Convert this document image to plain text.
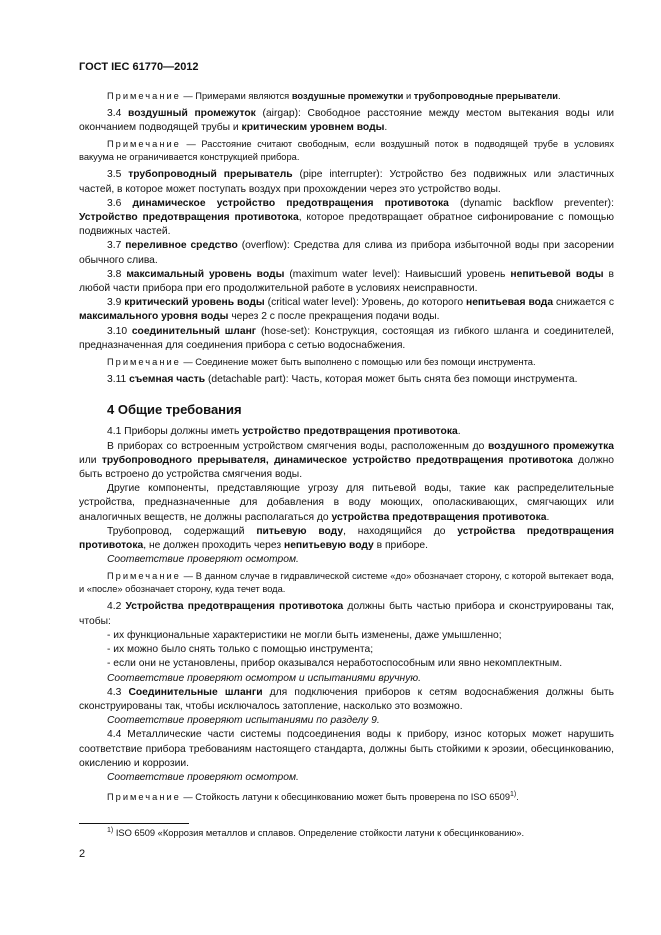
ГОСТ IEC 61770—2012

Примечание — Примерами являются воздушные промежутки и трубопроводные прерыватели.

3.4 воздушный промежуток (airgap): Свободное расстояние между местом вытекания воды или окончанием подводящей трубы и критическим уровнем воды.

Примечание — Расстояние считают свободным, если воздушный поток в подводящей трубе в условиях вакуума не ограничивается конструкцией прибора.

3.5 трубопроводный прерыватель (pipe interrupter): Устройство без подвижных или эластичных частей, в которое может поступать воздух при прохождении через это устройство воды.

3.6 динамическое устройство предотвращения противотока (dynamic backflow preventer): Устройство предотвращения противотока, которое предотвращает обратное сифонирование с помощью подвижных частей.

3.7 переливное средство (overflow): Средства для слива из прибора избыточной воды при засорении обычного слива.

3.8 максимальный уровень воды (maximum water level): Наивысший уровень непитьевой воды в любой части прибора при его продолжительной работе в условиях неисправности.

3.9 критический уровень воды (critical water level): Уровень, до которого непитьевая вода снижается с максимального уровня воды через 2 с после прекращения подачи воды.

3.10 соединительный шланг (hose-set): Конструкция, состоящая из гибкого шланга и соединителей, предназначенная для соединения прибора с сетью водоснабжения.

Примечание — Соединение может быть выполнено с помощью или без помощи инструмента.

3.11 съемная часть (detachable part): Часть, которая может быть снята без помощи инструмента.

4 Общие требования

4.1 Приборы должны иметь устройство предотвращения противотока.

В приборах со встроенным устройством смягчения воды, расположенным до воздушного промежутка или трубопроводного прерывателя, динамическое устройство предотвращения противотока должно быть встроено до устройства смягчения воды.

Другие компоненты, представляющие угрозу для питьевой воды, такие как распределительные устройства, предназначенные для добавления в воду моющих, ополаскивающих, смягчающих или аналогичных веществ, не должны располагаться до устройства предотвращения противотока.

Трубопровод, содержащий питьевую воду, находящийся до устройства предотвращения противотока, не должен проходить через непитьевую воду в приборе.

Соответствие проверяют осмотром.

Примечание — В данном случае в гидравлической системе «до» обозначает сторону, с которой вытекает вода, и «после» обозначает сторону, куда течет вода.

4.2 Устройства предотвращения противотока должны быть частью прибора и сконструированы так, чтобы:

- их функциональные характеристики не могли быть изменены, даже умышленно;

- их можно было снять только с помощью инструмента;

- если они не установлены, прибор оказывался неработоспособным или явно некомплектным.

Соответствие проверяют осмотром и испытаниями вручную.

4.3 Соединительные шланги для подключения приборов к сетям водоснабжения должны быть сконструированы так, чтобы исключалось затопление, насколько это возможно.

Соответствие проверяют испытаниями по разделу 9.

4.4 Металлические части системы подсоединения воды к прибору, износ которых может нарушить соответствие прибора требованиям настоящего стандарта, должны быть стойкими к эрозии, обесцинкованию, окислению и коррозии.

Соответствие проверяют осмотром.

Примечание — Стойкость латуни к обесцинкованию может быть проверена по ISO 6509$^{1)}$.

$^{1)}$ ISO 6509 «Коррозия металлов и сплавов. Определение стойкости латуни к обесцинкованию».
2
